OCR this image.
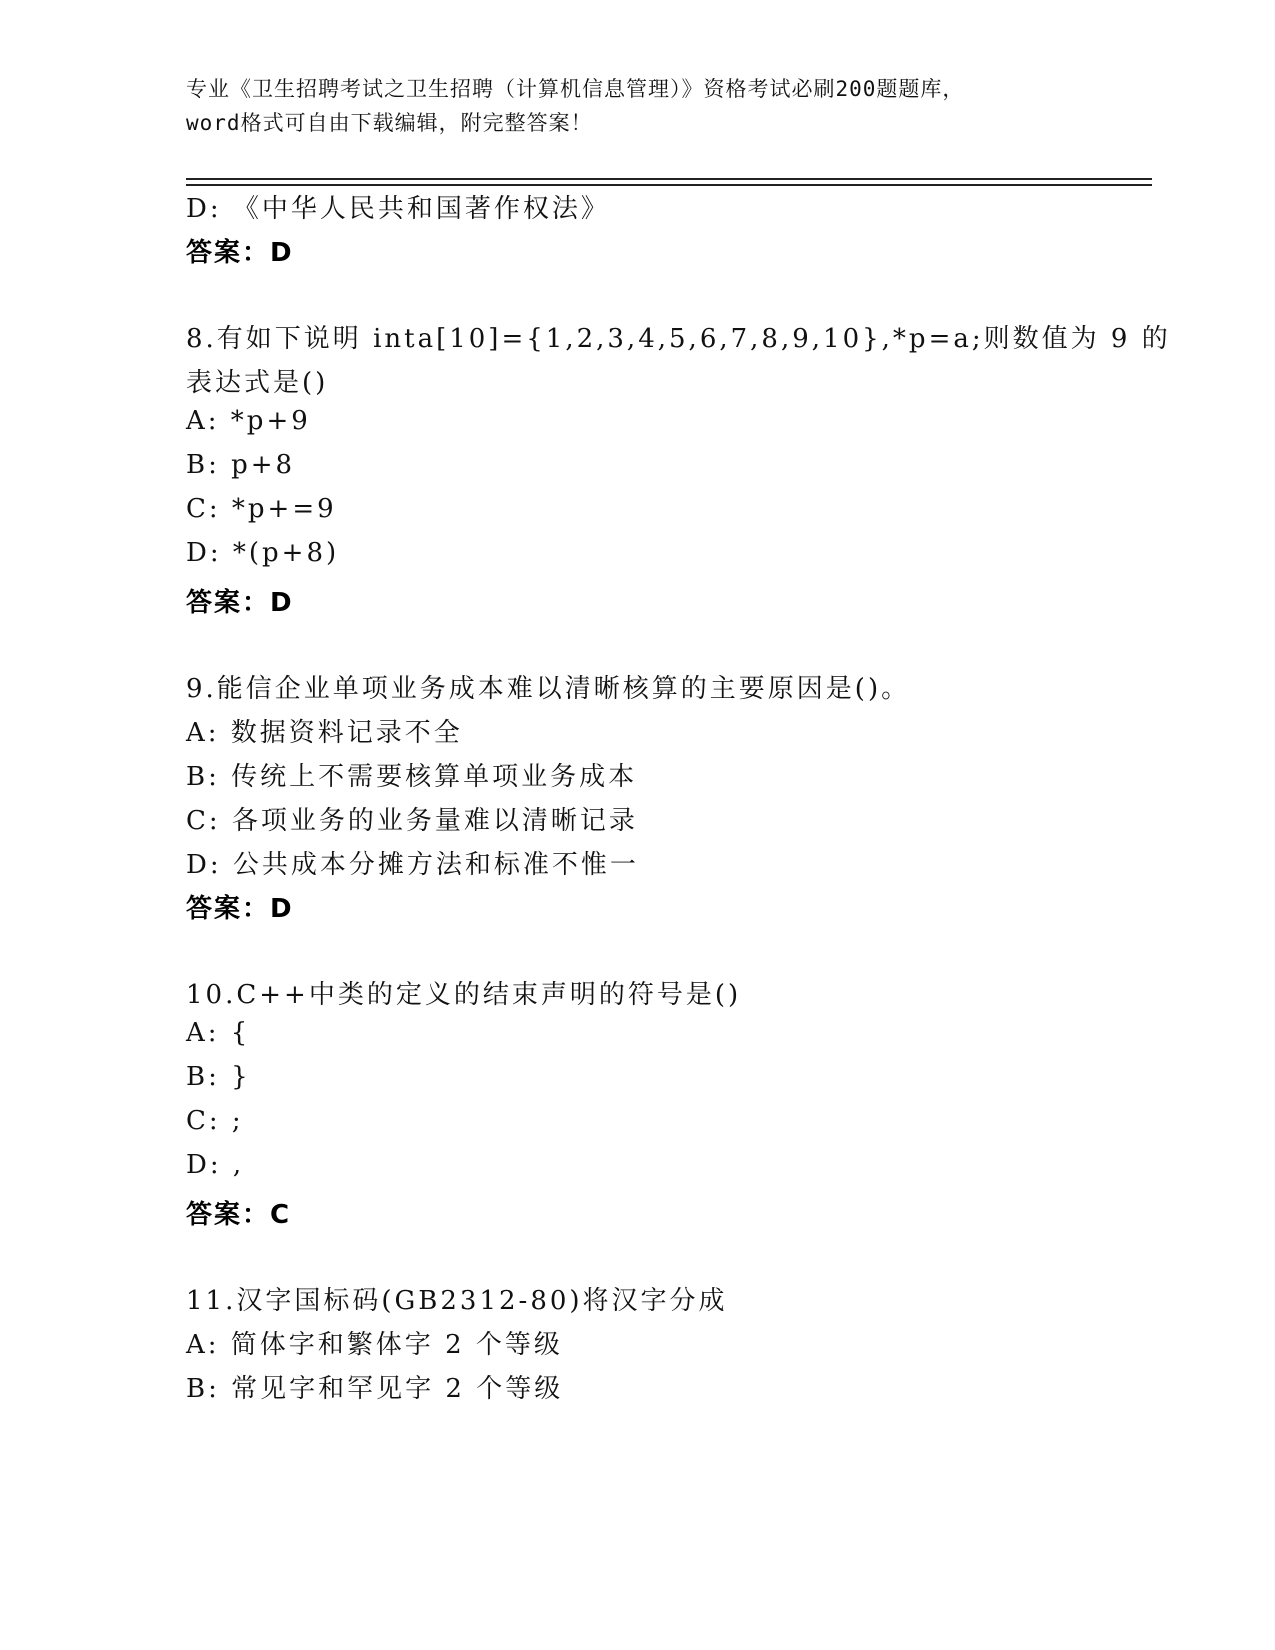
专业《卫生招聘考试之卫生招聘（计算机信息管理）》资格考试必刷200题题库，
word格式可自由下载编辑，附完整答案！
D: 《中华人民共和国著作权法》
答案：D
8.有如下说明 inta[10]={1,2,3,4,5,6,7,8,9,10},*p=a;则数值为 9 的
表达式是()
A: *p+9
B: p+8
C: *p+=9
D: *(p+8)
答案：D
9.能信企业单项业务成本难以清晰核算的主要原因是()。
A: 数据资料记录不全
B: 传统上不需要核算单项业务成本
C: 各项业务的业务量难以清晰记录
D: 公共成本分摊方法和标准不惟一
答案：D
10.C++中类的定义的结束声明的符号是()
A: {
B: }
C: ;
D: ,
答案：C
11.汉字国标码(GB2312-80)将汉字分成
A: 简体字和繁体字 2 个等级
B: 常见字和罕见字 2 个等级
